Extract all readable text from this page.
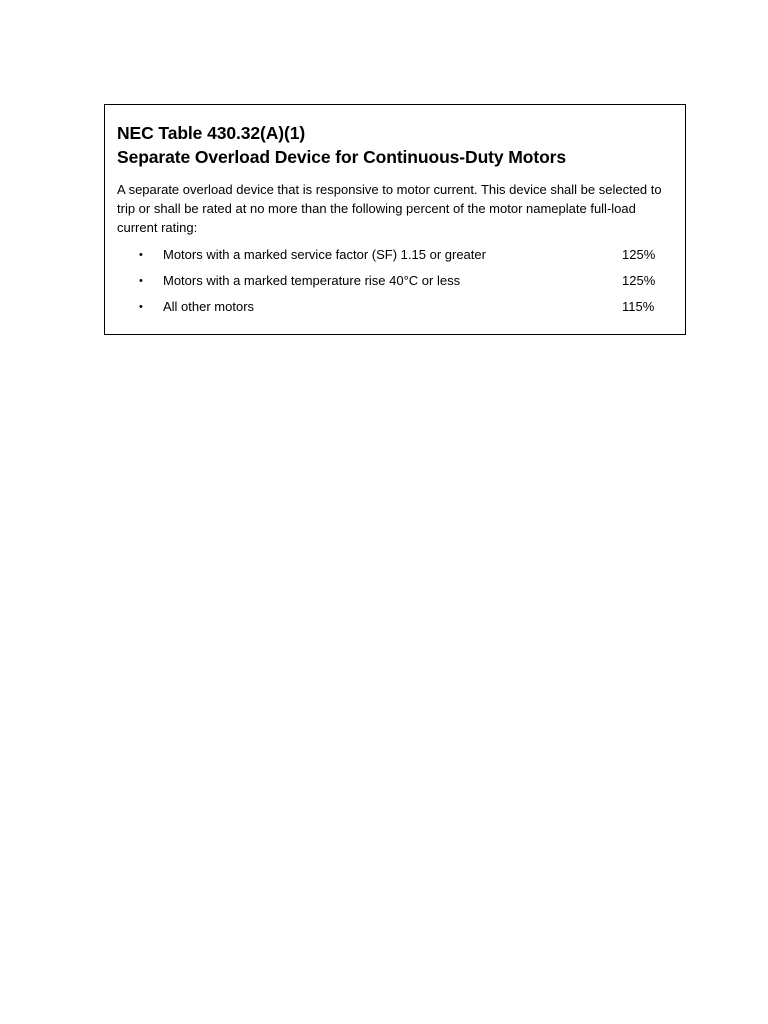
NEC Table 430.32(A)(1)
Separate Overload Device for Continuous-Duty Motors
A separate overload device that is responsive to motor current. This device shall be selected to trip or shall be rated at no more than the following percent of the motor nameplate full-load current rating:
• Motors with a marked service factor (SF) 1.15 or greater	125%
• Motors with a marked temperature rise 40°C or less	125%
• All other motors	115%
